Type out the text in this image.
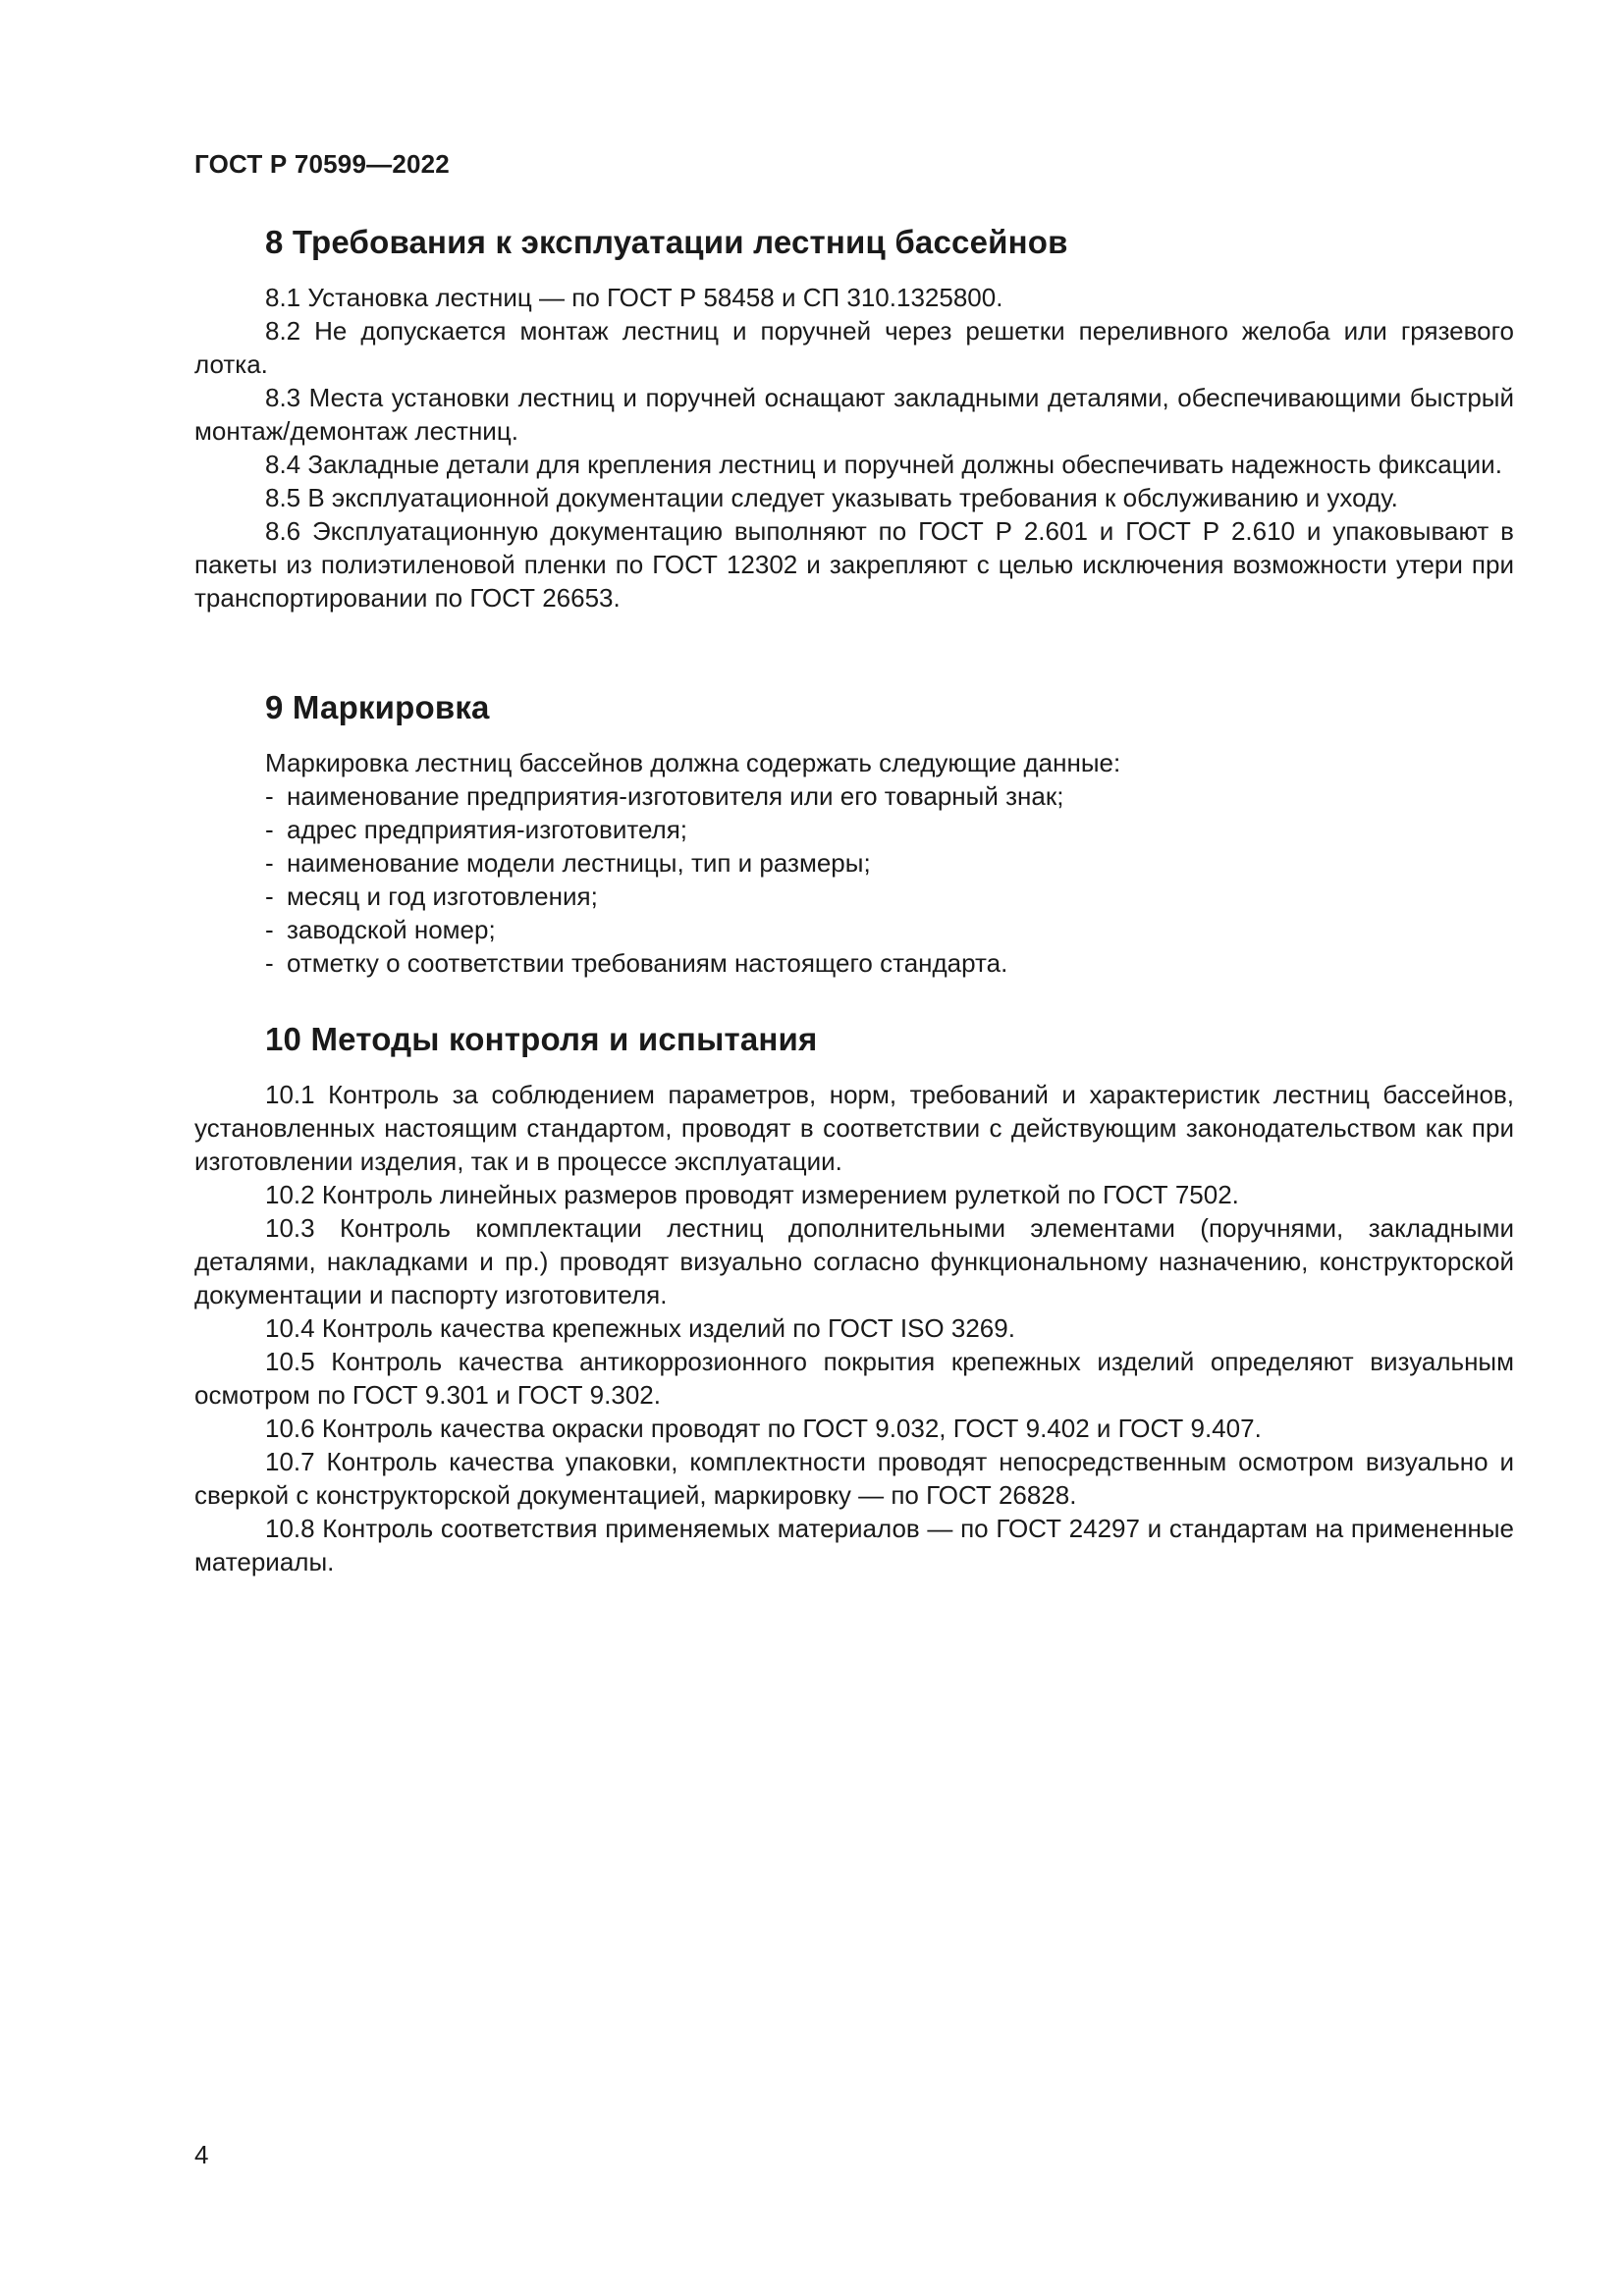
ГОСТ Р 70599—2022
8 Требования к эксплуатации лестниц бассейнов

8.1 Установка лестниц — по ГОСТ Р 58458 и СП 310.1325800.

8.2 Не допускается монтаж лестниц и поручней через решетки переливного желоба или грязевого лотка.

8.3 Места установки лестниц и поручней оснащают закладными деталями, обеспечивающими быстрый монтаж/демонтаж лестниц.

8.4 Закладные детали для крепления лестниц и поручней должны обеспечивать надежность фиксации.

8.5 В эксплуатационной документации следует указывать требования к обслуживанию и уходу.

8.6 Эксплуатационную документацию выполняют по ГОСТ Р 2.601 и ГОСТ Р 2.610 и упаковывают в пакеты из полиэтиленовой пленки по ГОСТ 12302 и закрепляют с целью исключения возможности утери при транспортировании по ГОСТ 26653.

9 Маркировка

Маркировка лестниц бассейнов должна содержать следующие данные:

- наименование предприятия-изготовителя или его товарный знак;
- адрес предприятия-изготовителя;
- наименование модели лестницы, тип и размеры;
- месяц и год изготовления;
- заводской номер;
- отметку о соответствии требованиям настоящего стандарта.
10 Методы контроля и испытания

10.1 Контроль за соблюдением параметров, норм, требований и характеристик лестниц бассейнов, установленных настоящим стандартом, проводят в соответствии с действующим законодательством как при изготовлении изделия, так и в процессе эксплуатации.

10.2 Контроль линейных размеров проводят измерением рулеткой по ГОСТ 7502.

10.3 Контроль комплектации лестниц дополнительными элементами (поручнями, закладными деталями, накладками и пр.) проводят визуально согласно функциональному назначению, конструкторской документации и паспорту изготовителя.

10.4 Контроль качества крепежных изделий по ГОСТ ISO 3269.

10.5 Контроль качества антикоррозионного покрытия крепежных изделий определяют визуальным осмотром по ГОСТ 9.301 и ГОСТ 9.302.

10.6 Контроль качества окраски проводят по ГОСТ 9.032, ГОСТ 9.402 и ГОСТ 9.407.

10.7 Контроль качества упаковки, комплектности проводят непосредственным осмотром визуально и сверкой с конструкторской документацией, маркировку — по ГОСТ 26828.

10.8 Контроль соответствия применяемых материалов — по ГОСТ 24297 и стандартам на примененные материалы.

4
